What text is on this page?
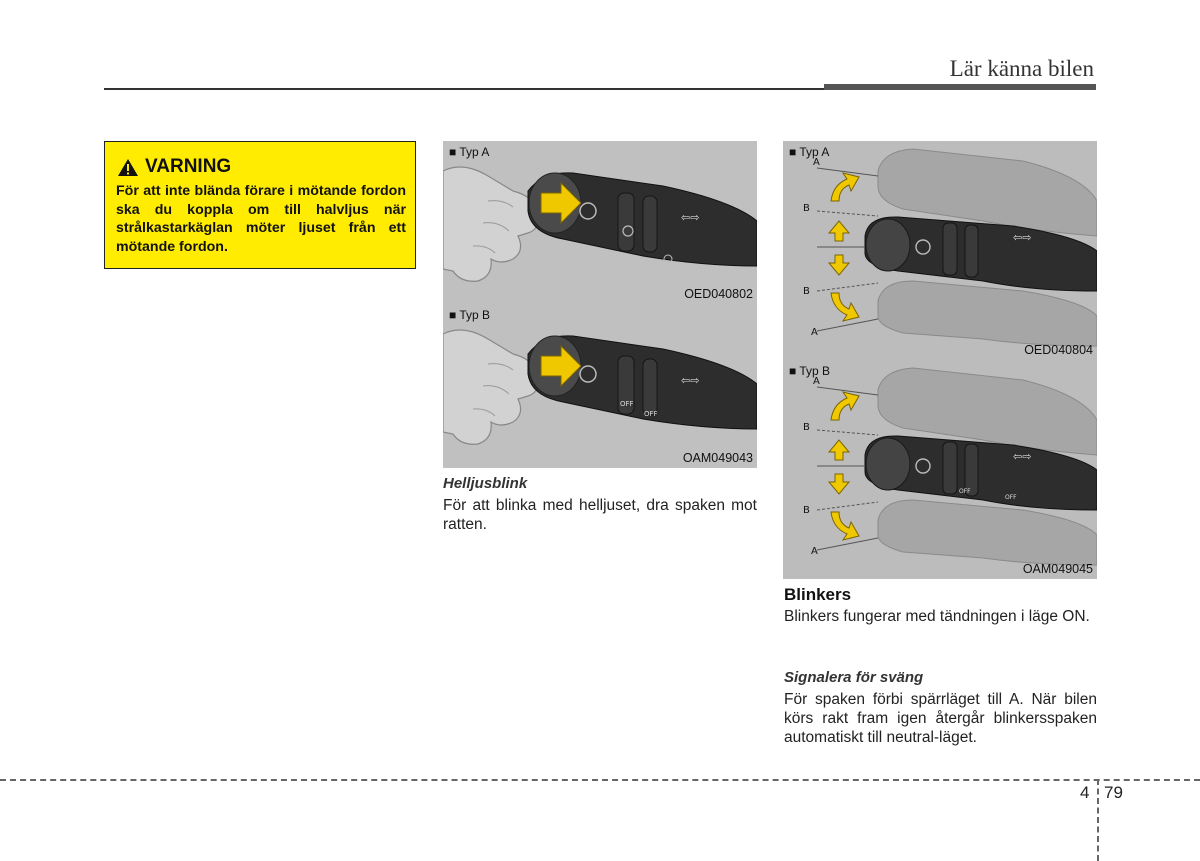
Lär känna bilen
VARNING
För att inte blända förare i mötande fordon ska du koppla om till halvljus när strålkastarkäglan möter ljuset från ett mötande fordon.
⇦⇨
■ Typ A
OED040802
OFF
OFF
⇦⇨
■ Typ B
OAM049043
⇦⇨
A
B
B
A
■ Typ A
OED040804
OFF
OFF
⇦⇨
A
B
B
A
■ Typ B
OAM049045
Helljusblink
För att blinka med helljuset, dra spaken mot ratten.
Blinkers
Blinkers fungerar med tändningen i läge ON.
Signalera för sväng
För spaken förbi spärrläget till A. När bilen körs rakt fram igen återgår blinkersspaken automatiskt till neutral-läget.
4 79
